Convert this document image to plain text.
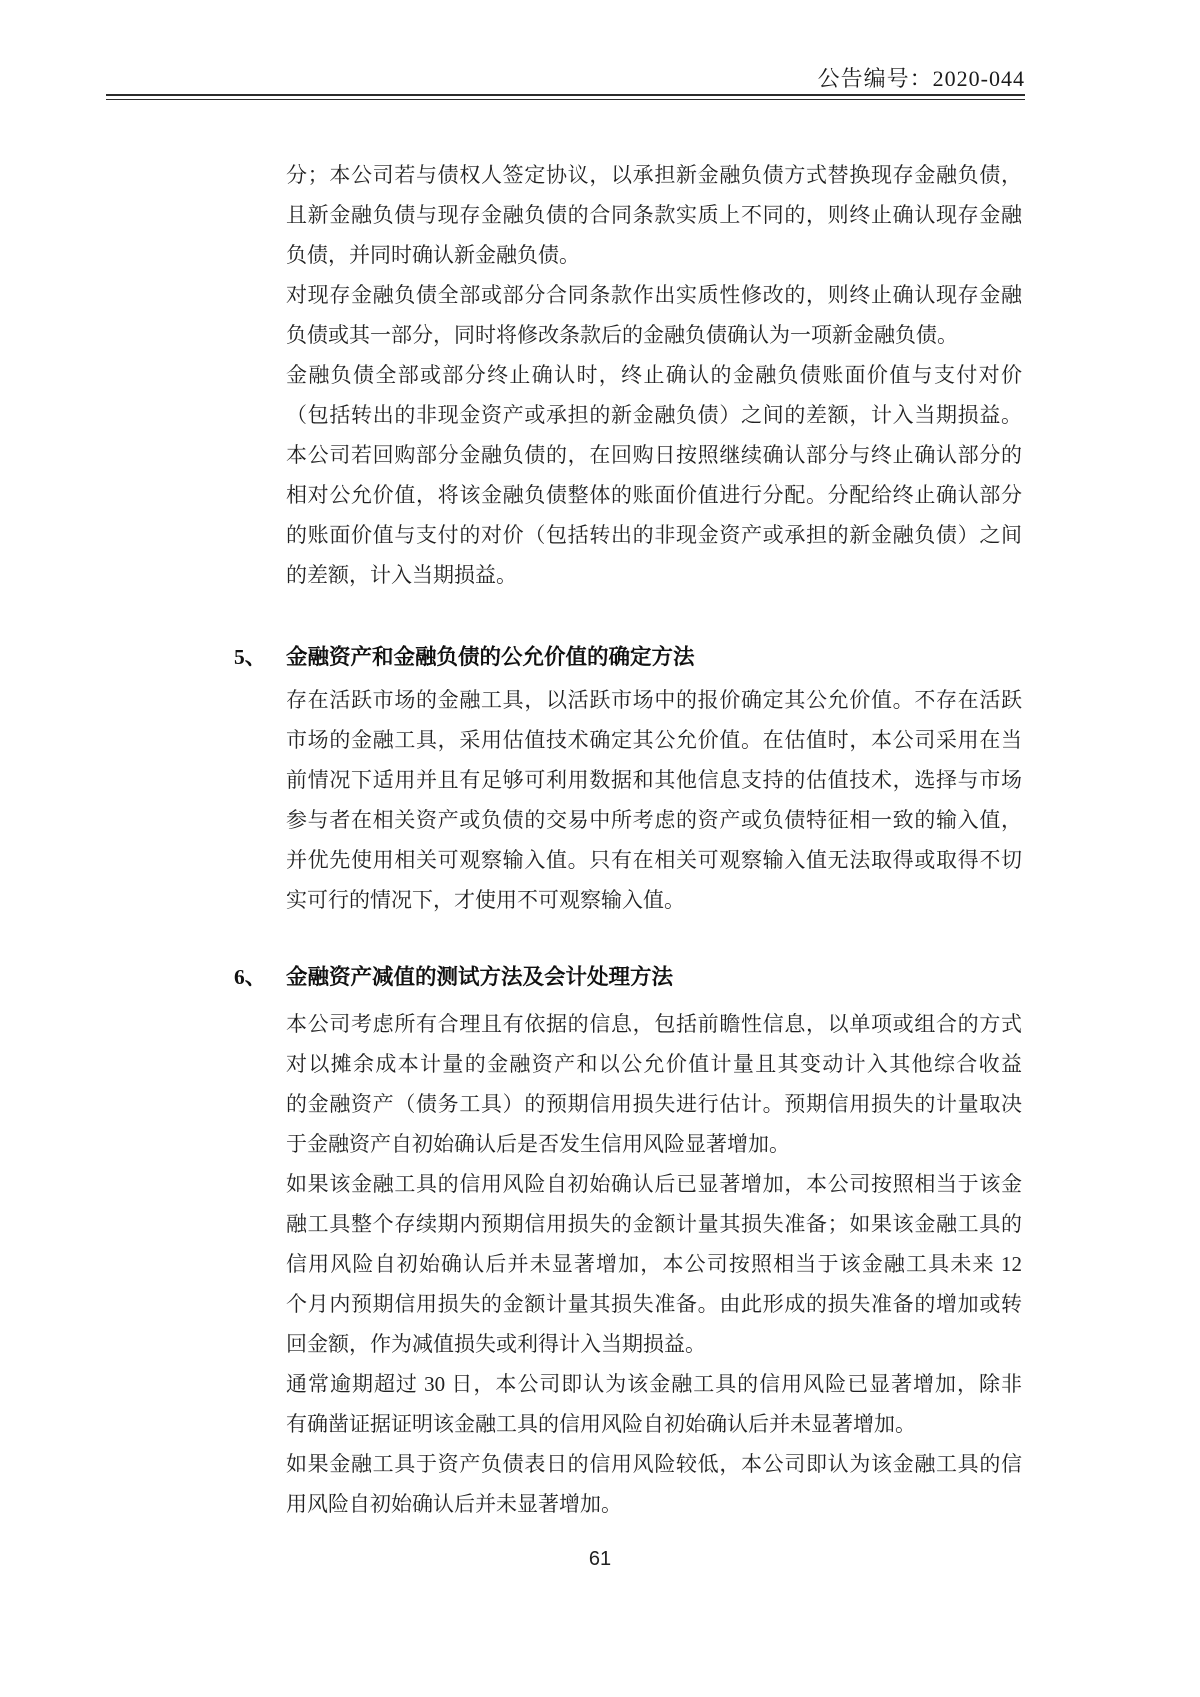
公告编号：2020-044
分；本公司若与债权人签定协议，以承担新金融负债方式替换现存金融负债，
且新金融负债与现存金融负债的合同条款实质上不同的，则终止确认现存金融
负债，并同时确认新金融负债。
对现存金融负债全部或部分合同条款作出实质性修改的，则终止确认现存金融
负债或其一部分，同时将修改条款后的金融负债确认为一项新金融负债。
金融负债全部或部分终止确认时，终止确认的金融负债账面价值与支付对价
（包括转出的非现金资产或承担的新金融负债）之间的差额，计入当期损益。
本公司若回购部分金融负债的，在回购日按照继续确认部分与终止确认部分的
相对公允价值，将该金融负债整体的账面价值进行分配。分配给终止确认部分
的账面价值与支付的对价（包括转出的非现金资产或承担的新金融负债）之间
的差额，计入当期损益。
5、 金融资产和金融负债的公允价值的确定方法
存在活跃市场的金融工具，以活跃市场中的报价确定其公允价值。不存在活跃
市场的金融工具，采用估值技术确定其公允价值。在估值时，本公司采用在当
前情况下适用并且有足够可利用数据和其他信息支持的估值技术，选择与市场
参与者在相关资产或负债的交易中所考虑的资产或负债特征相一致的输入值，
并优先使用相关可观察输入值。只有在相关可观察输入值无法取得或取得不切
实可行的情况下，才使用不可观察输入值。
6、 金融资产减值的测试方法及会计处理方法
本公司考虑所有合理且有依据的信息，包括前瞻性信息，以单项或组合的方式
对以摊余成本计量的金融资产和以公允价值计量且其变动计入其他综合收益
的金融资产（债务工具）的预期信用损失进行估计。预期信用损失的计量取决
于金融资产自初始确认后是否发生信用风险显著增加。
如果该金融工具的信用风险自初始确认后已显著增加，本公司按照相当于该金
融工具整个存续期内预期信用损失的金额计量其损失准备；如果该金融工具的
信用风险自初始确认后并未显著增加，本公司按照相当于该金融工具未来 12
个月内预期信用损失的金额计量其损失准备。由此形成的损失准备的增加或转
回金额，作为减值损失或利得计入当期损益。
通常逾期超过 30 日，本公司即认为该金融工具的信用风险已显著增加，除非
有确凿证据证明该金融工具的信用风险自初始确认后并未显著增加。
如果金融工具于资产负债表日的信用风险较低，本公司即认为该金融工具的信
用风险自初始确认后并未显著增加。
61
